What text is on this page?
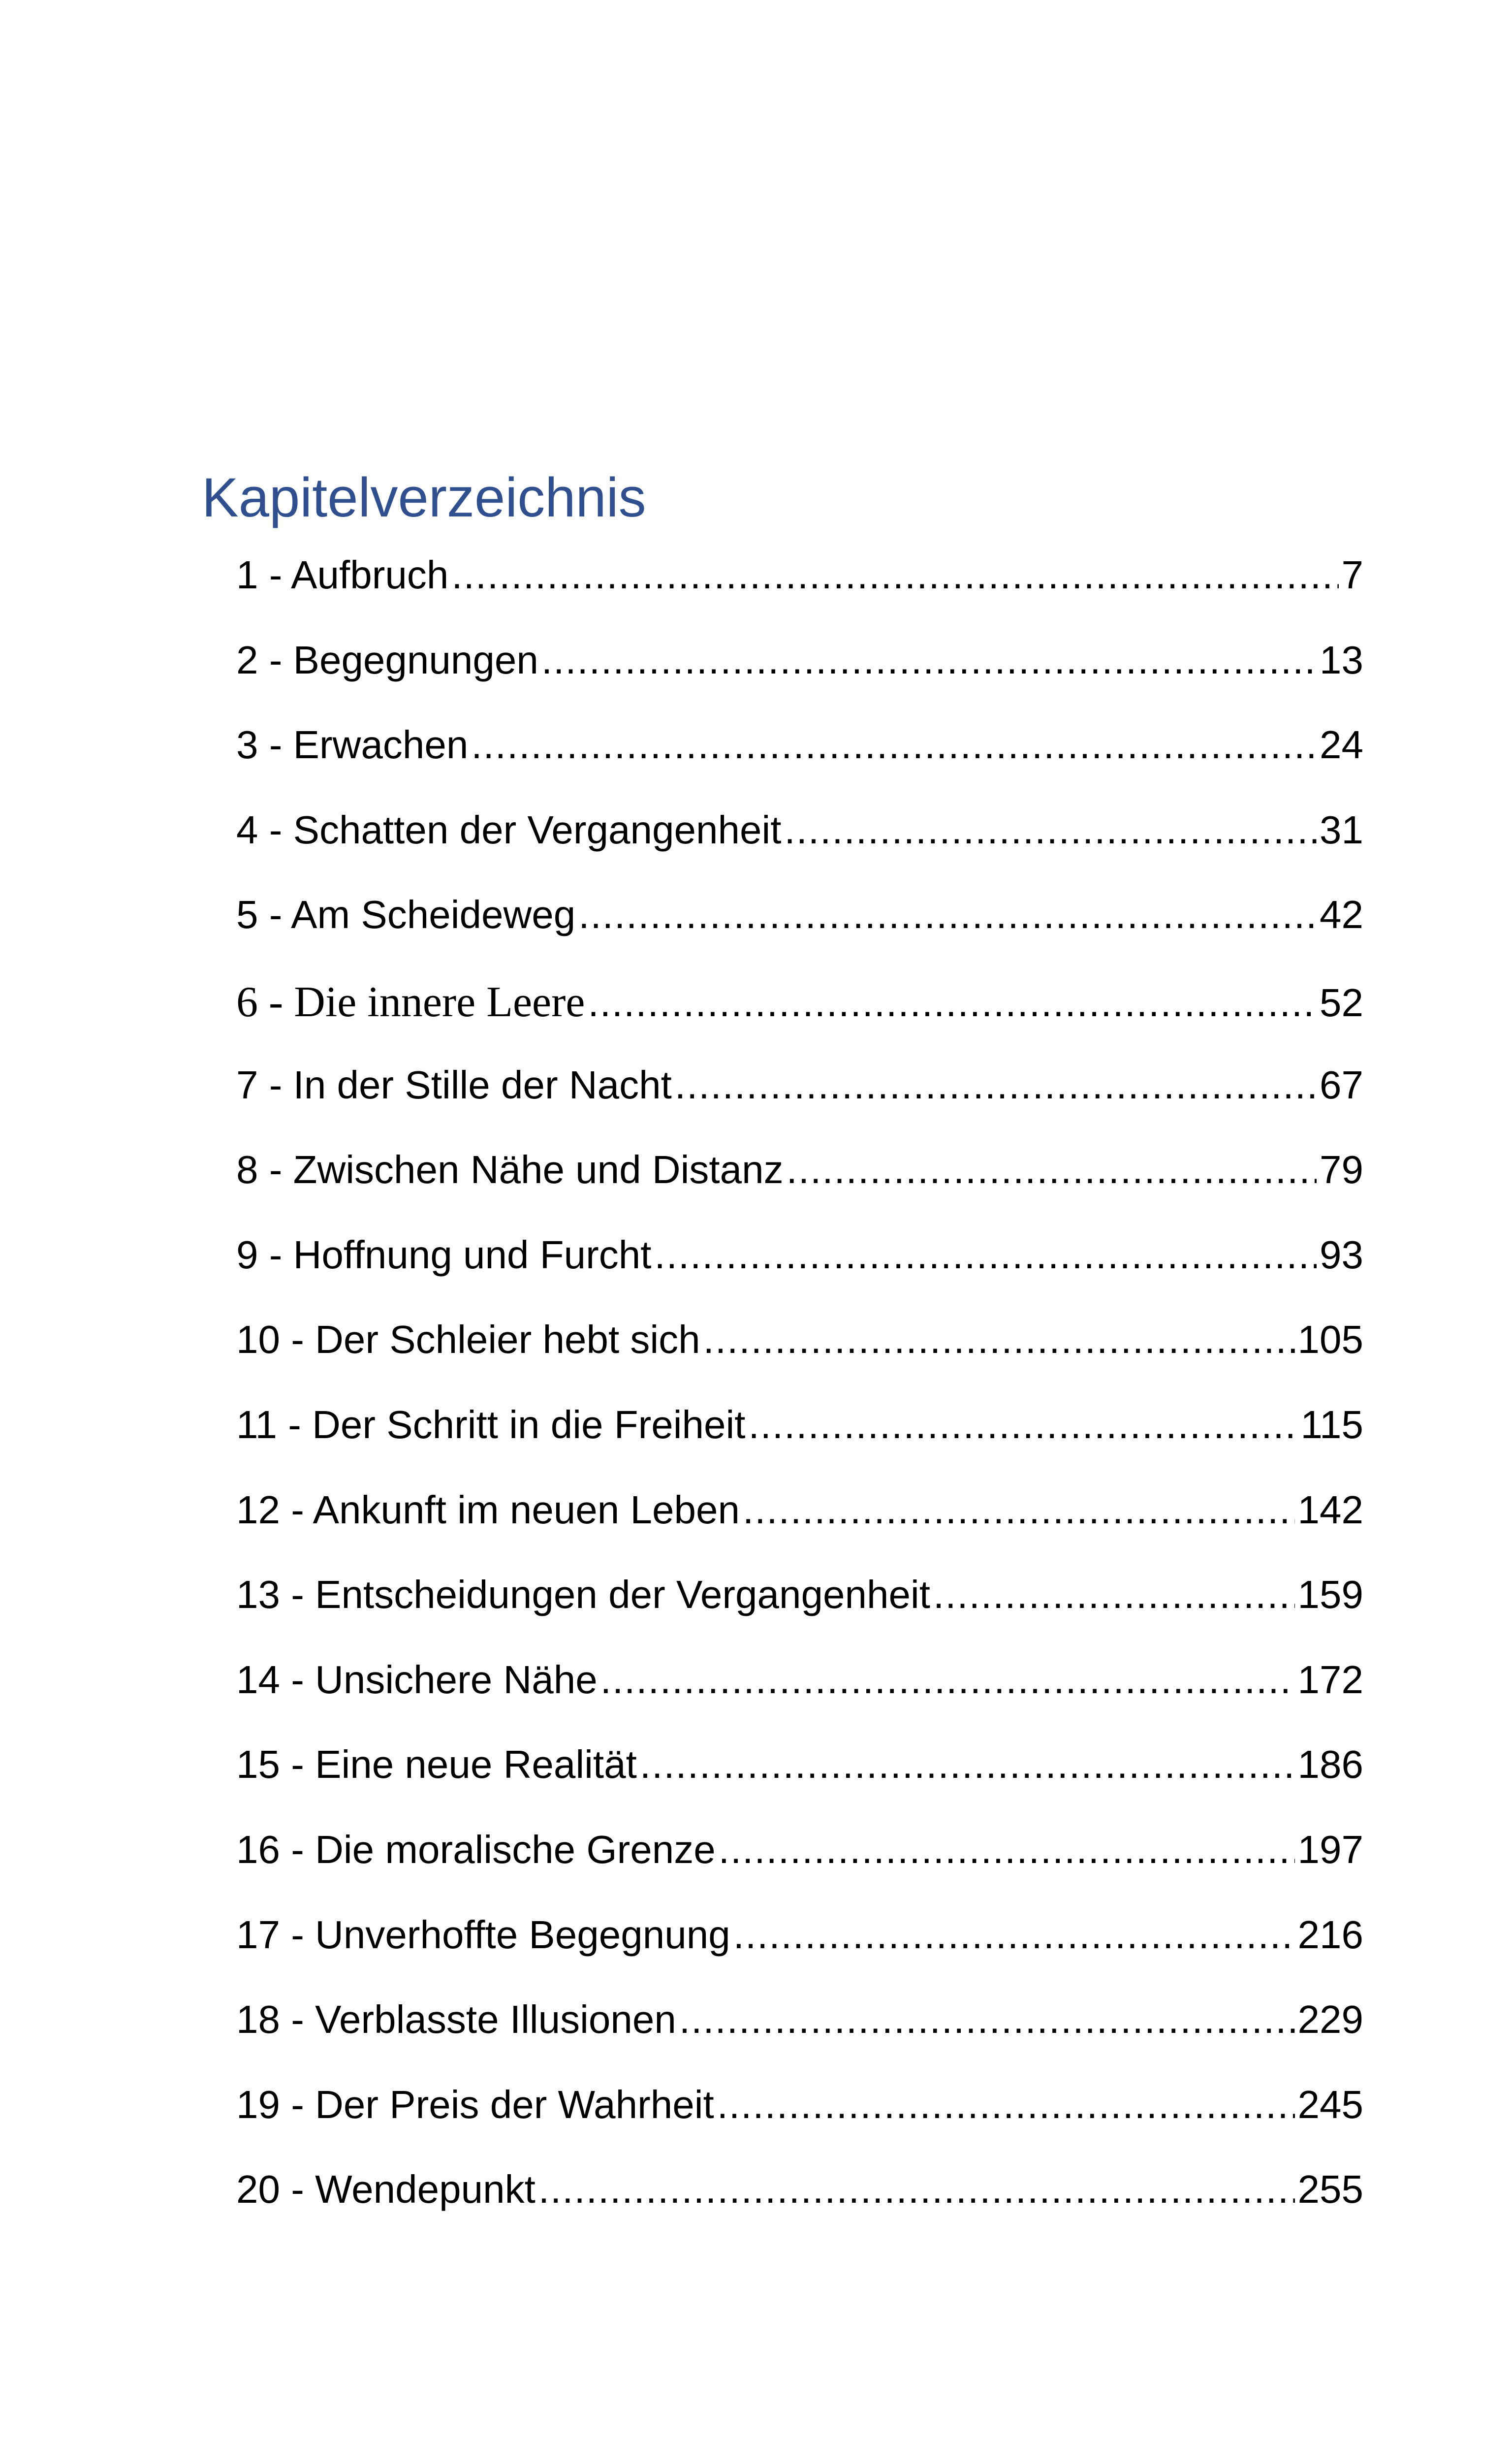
Kapitelverzeichnis
1 - Aufbruch .....	7
2 - Begegnungen .....	13
3 - Erwachen .....	24
4 - Schatten der Vergangenheit .....	31
5 - Am Scheideweg .....	42
6 - Die innere Leere .....	52
7 - In der Stille der Nacht .....	67
8 - Zwischen Nähe und Distanz .....	79
9 - Hoffnung und Furcht .....	93
10 - Der Schleier hebt sich .....	105
11 - Der Schritt in die Freiheit .....	115
12 - Ankunft im neuen Leben .....	142
13 - Entscheidungen der Vergangenheit .....	159
14 - Unsichere Nähe .....	172
15 - Eine neue Realität .....	186
16 - Die moralische Grenze .....	197
17 - Unverhoffte Begegnung .....	216
18 - Verblasste Illusionen .....	229
19 - Der Preis der Wahrheit .....	245
20 - Wendepunkt .....	255
